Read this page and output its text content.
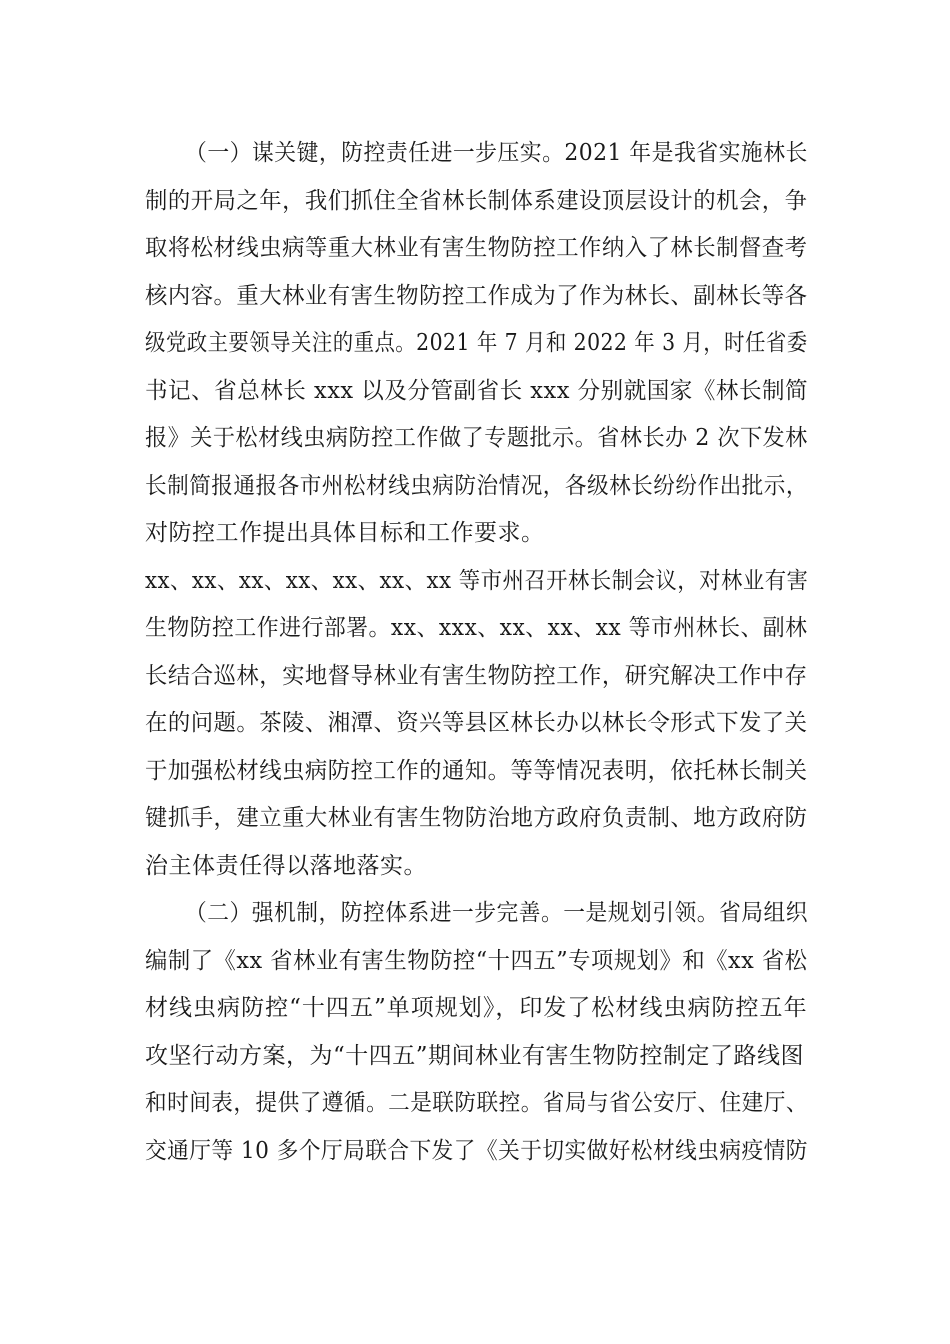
（一）谋关键，防控责任进一步压实。2021 年是我省实施林长
制的开局之年，我们抓住全省林长制体系建设顶层设计的机会，争
取将松材线虫病等重大林业有害生物防控工作纳入了林长制督查考
核内容。重大林业有害生物防控工作成为了作为林长、副林长等各
级党政主要领导关注的重点。2021 年 7 月和 2022 年 3 月，时任省委
书记、省总林长 xxx 以及分管副省长 xxx 分别就国家《林长制简
报》关于松材线虫病防控工作做了专题批示。省林长办 2 次下发林
长制简报通报各市州松材线虫病防治情况，各级林长纷纷作出批示，
对防控工作提出具体目标和工作要求。
xx、xx、xx、xx、xx、xx、xx 等市州召开林长制会议，对林业有害
生物防控工作进行部署。xx、xxx、xx、xx、xx 等市州林长、副林
长结合巡林，实地督导林业有害生物防控工作，研究解决工作中存
在的问题。茶陵、湘潭、资兴等县区林长办以林长令形式下发了关
于加强松材线虫病防控工作的通知。等等情况表明，依托林长制关
键抓手，建立重大林业有害生物防治地方政府负责制、地方政府防
治主体责任得以落地落实。
（二）强机制，防控体系进一步完善。一是规划引领。省局组织
编制了《xx 省林业有害生物防控“十四五”专项规划》和《xx 省松
材线虫病防控“十四五”单项规划》，印发了松材线虫病防控五年
攻坚行动方案，为“十四五”期间林业有害生物防控制定了路线图
和时间表，提供了遵循。二是联防联控。省局与省公安厅、住建厅、
交通厅等 10 多个厅局联合下发了《关于切实做好松材线虫病疫情防
